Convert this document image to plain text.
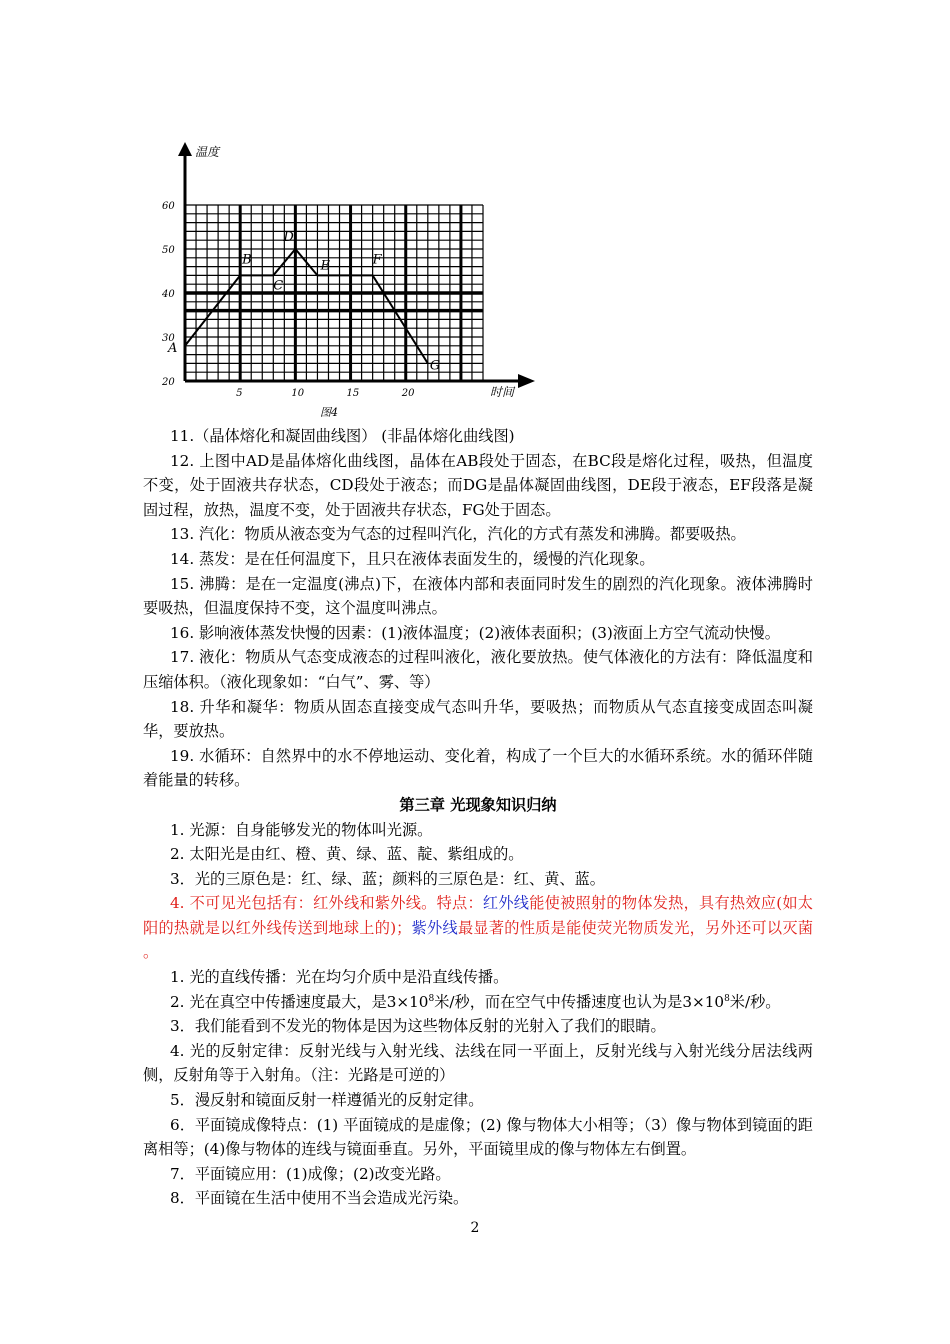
温度
时间
5	10	15	20
20
30
40
50
60
A
B
C
D
E	F
G
图4

11.（晶体熔化和凝固曲线图） (非晶体熔化曲线图)

12. 上图中AD是晶体熔化曲线图，晶体在AB段处于固态，在BC段是熔化过程，吸热，但温度不变，处于固液共存状态，CD段处于液态；而DG是晶体凝固曲线图，DE段于液态，EF段落是凝固过程，放热，温度不变，处于固液共存状态，FG处于固态。

13. 汽化：物质从液态变为气态的过程叫汽化，汽化的方式有蒸发和沸腾。都要吸热。

14. 蒸发：是在任何温度下，且只在液体表面发生的，缓慢的汽化现象。

15. 沸腾：是在一定温度(沸点)下，在液体内部和表面同时发生的剧烈的汽化现象。液体沸腾时要吸热，但温度保持不变，这个温度叫沸点。

16. 影响液体蒸发快慢的因素：(1)液体温度；(2)液体表面积；(3)液面上方空气流动快慢。

17. 液化：物质从气态变成液态的过程叫液化，液化要放热。使气体液化的方法有：降低温度和压缩体积。（液化现象如：“白气”、雾、等）

18. 升华和凝华：物质从固态直接变成气态叫升华，要吸热；而物质从气态直接变成固态叫凝华，要放热。

19. 水循环：自然界中的水不停地运动、变化着，构成了一个巨大的水循环系统。水的循环伴随着能量的转移。

第三章 光现象知识归纳

1. 光源：自身能够发光的物体叫光源。

2. 太阳光是由红、橙、黄、绿、蓝、靛、紫组成的。

3．光的三原色是：红、绿、蓝；颜料的三原色是：红、黄、蓝。

4. 不可见光包括有：红外线和紫外线。特点：红外线能使被照射的物体发热，具有热效应(如太阳的热就是以红外线传送到地球上的)；紫外线最显著的性质是能使荧光物质发光，另外还可以灭菌 。

1. 光的直线传播：光在均匀介质中是沿直线传播。

2. 光在真空中传播速度最大，是$3\times 10^8$米/秒，而在空气中传播速度也认为是$3\times 10^8$米/秒。

3．我们能看到不发光的物体是因为这些物体反射的光射入了我们的眼睛。

4. 光的反射定律：反射光线与入射光线、法线在同一平面上，反射光线与入射光线分居法线两侧，反射角等于入射角。（注：光路是可逆的）

5．漫反射和镜面反射一样遵循光的反射定律。

6．平面镜成像特点：(1) 平面镜成的是虚像；(2) 像与物体大小相等；（3）像与物体到镜面的距离相等；(4)像与物体的连线与镜面垂直。另外，平面镜里成的像与物体左右倒置。

7．平面镜应用：(1)成像；(2)改变光路。

8．平面镜在生活中使用不当会造成光污染。

2
